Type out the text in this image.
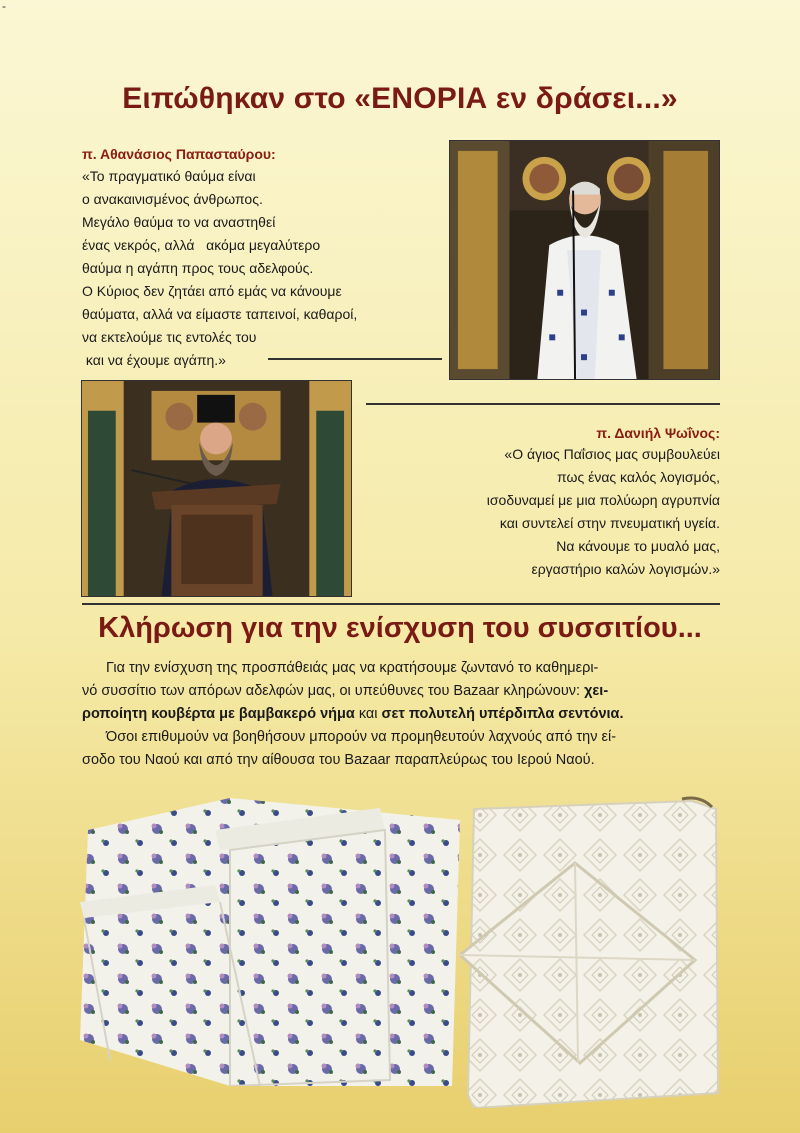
-
Ειπώθηκαν στο «ΕΝΟΡΙΑ εν δράσει...»
π. Αθανάσιος Παπασταύρου:
«Το πραγματικό θαύμα είναι
ο ανακαινισμένος άνθρωπος.
Μεγάλο θαύμα το να αναστηθεί
ένας νεκρός, αλλά   ακόμα μεγαλύτερο
θαύμα η αγάπη προς τους αδελφούς.
Ο Κύριος δεν ζητάει από εμάς να κάνουμε
θαύματα, αλλά να είμαστε ταπεινοί, καθαροί,
να εκτελούμε τις εντολές του
και να έχουμε αγάπη.»
π. Δανιήλ Ψωΐνος:
«Ο άγιος Παΐσιος μας συμβουλεύει
πως ένας καλός λογισμός,
ισοδυναμεί με μια πολύωρη αγρυπνία
και συντελεί στην πνευματική υγεία.
Να κάνουμε το μυαλό μας,
εργαστήριο καλών λογισμών.»
Κλήρωση για την ενίσχυση του συσσιτίου...
Για την ενίσχυση της προσπάθειάς μας να κρατήσουμε ζωντανό το καθημερι-
νό συσσίτιο των απόρων αδελφών μας, οι υπεύθυνες του Bazaar κληρώνουν: χει-
ροποίητη κουβέρτα με βαμβακερό νήμα και σετ πολυτελή υπέρδιπλα σεντόνια.
Όσοι επιθυμούν να βοηθήσουν μπορούν να προμηθευτούν λαχνούς από την εί-
σοδο του Ναού και από την αίθουσα του Bazaar παραπλεύρως του Ιερού Ναού.
